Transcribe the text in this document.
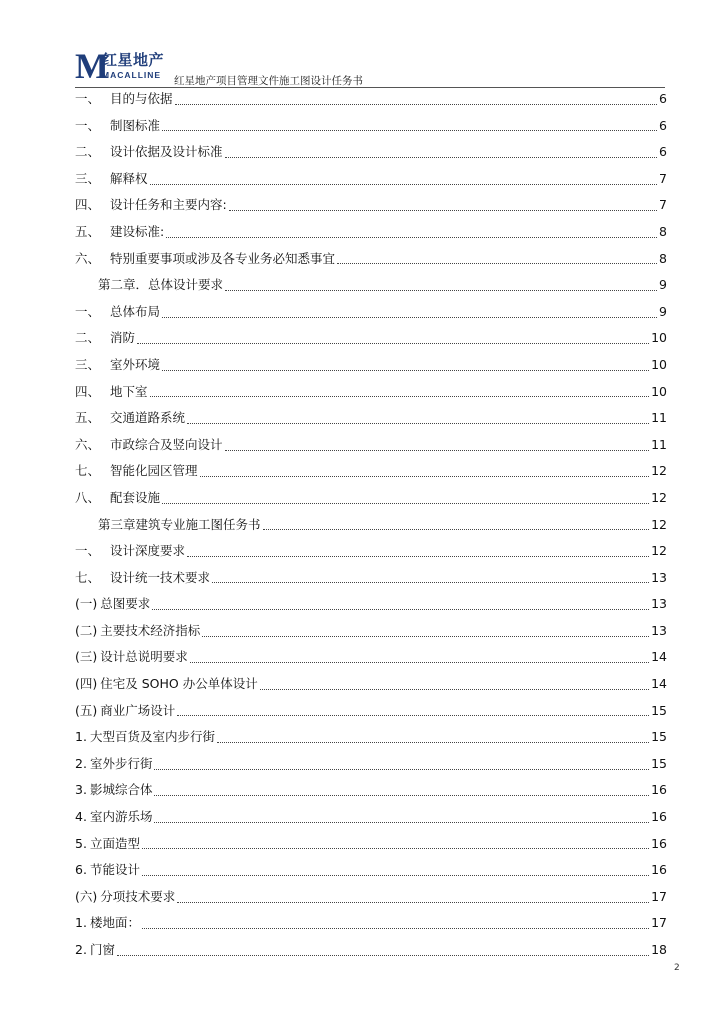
M
红星地产
MACALLINE 红星地产项目管理文件施工图设计任务书
一、 目的与依据	6
一、 制图标准	6
二、 设计依据及设计标准	6
三、 解释权	7
四、 设计任务和主要内容:	7
五、 建设标准:	8
六、 特别重要事项或涉及各专业务必知悉事宜	8
第二章．总体设计要求	9
一、 总体布局	9
二、 消防	10
三、 室外环境	10
四、 地下室	10
五、 交通道路系统	11
六、 市政综合及竖向设计	11
七、 智能化园区管理	12
八、 配套设施	12
第三章建筑专业施工图任务书	12
一、 设计深度要求	12
七、 设计统一技术要求	13
(一) 总图要求	13
(二) 主要技术经济指标	13
(三) 设计总说明要求	14
(四) 住宅及 SOHO 办公单体设计	14
(五) 商业广场设计	15
1. 大型百货及室内步行街	15
2. 室外步行街	15
3. 影城综合体	16
4. 室内游乐场	16
5. 立面造型	16
6. 节能设计	16
(六) 分项技术要求	17
1. 楼地面：	17
2. 门窗	18
2
